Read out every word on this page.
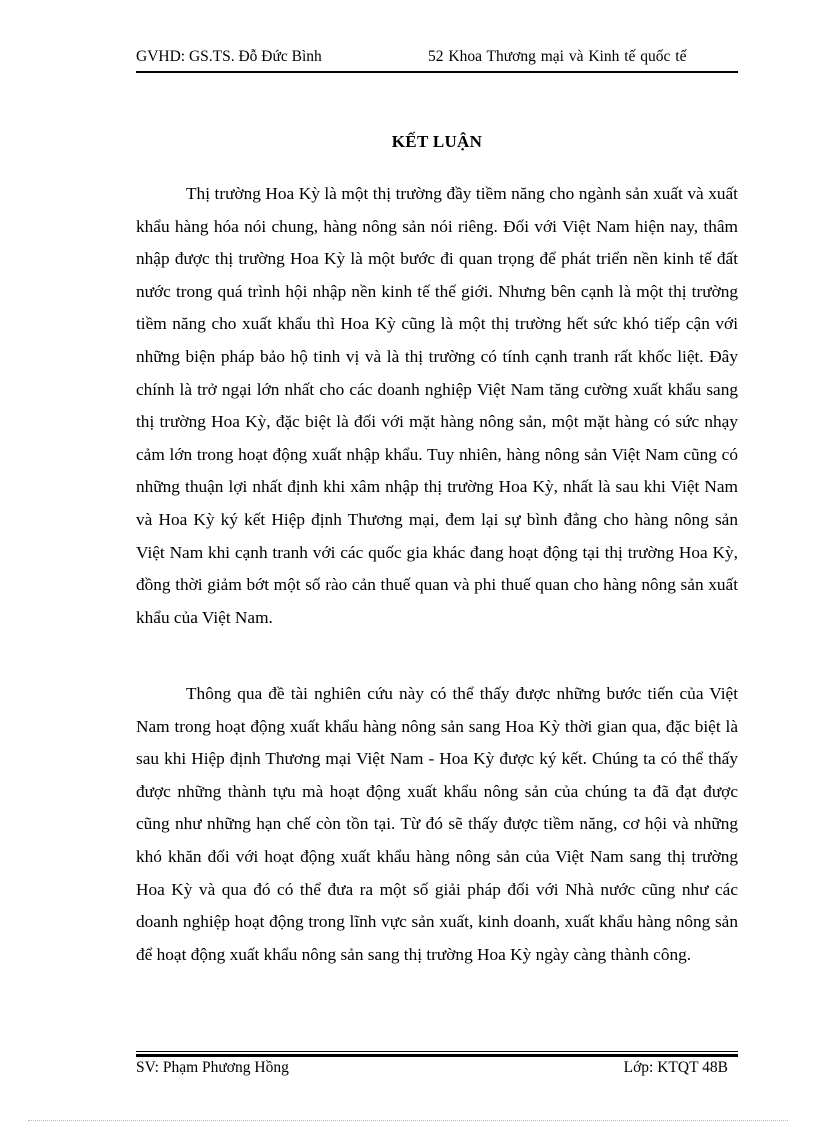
GVHD: GS.TS. Đỗ Đức Bình	52 Khoa Thương mại và Kinh tế quốc tế
KẾT LUẬN

Thị trường Hoa Kỳ là một thị trường đầy tiềm năng cho ngành sản xuất và xuất khẩu hàng hóa nói chung, hàng nông sản nói riêng. Đối với Việt Nam hiện nay, thâm nhập được thị trường Hoa Kỳ là một bước đi quan trọng để phát triển nền kinh tế đất nước trong quá trình hội nhập nền kinh tế thế giới. Nhưng bên cạnh là một thị trường tiềm năng cho xuất khẩu thì Hoa Kỳ cũng là một thị trường hết sức khó tiếp cận với những biện pháp bảo hộ tinh vị và là thị trường có tính cạnh tranh rất khốc liệt. Đây chính là trở ngại lớn nhất cho các doanh nghiệp Việt Nam tăng cường xuất khẩu sang thị trường Hoa Kỳ, đặc biệt là đối với mặt hàng nông sản, một mặt hàng có sức nhạy cảm lớn trong hoạt động xuất nhập khẩu. Tuy nhiên, hàng nông sản Việt Nam cũng có những thuận lợi nhất định khi xâm nhập thị trường Hoa Kỳ, nhất là sau khi Việt Nam và Hoa Kỳ ký kết Hiệp định Thương mại, đem lại sự bình đẳng cho hàng nông sản Việt Nam khi cạnh tranh với các quốc gia khác đang hoạt động tại thị trường Hoa Kỳ, đồng thời giảm bớt một số rào cản thuế quan và phi thuế quan cho hàng nông sản xuất khẩu của Việt Nam.

Thông qua đề tài nghiên cứu này có thể thấy được những bước tiến của Việt Nam trong hoạt động xuất khẩu hàng nông sản sang Hoa Kỳ thời gian qua, đặc biệt là sau khi Hiệp định Thương mại Việt Nam - Hoa Kỳ được ký kết. Chúng ta có thể thấy được những thành tựu mà hoạt động xuất khẩu nông sản của chúng ta đã đạt được cũng như những hạn chế còn tồn tại. Từ đó sẽ thấy được tiềm năng, cơ hội và những khó khăn đối với hoạt động xuất khẩu hàng nông sản của Việt Nam sang thị trường Hoa Kỳ và qua đó có thể đưa ra một số giải pháp đối với Nhà nước cũng như các doanh nghiệp hoạt động trong lĩnh vực sản xuất, kinh doanh, xuất khẩu hàng nông sản để hoạt động xuất khẩu nông sản sang thị trường Hoa Kỳ ngày càng thành công.

SV: Phạm Phương Hồng	Lớp: KTQT 48B
